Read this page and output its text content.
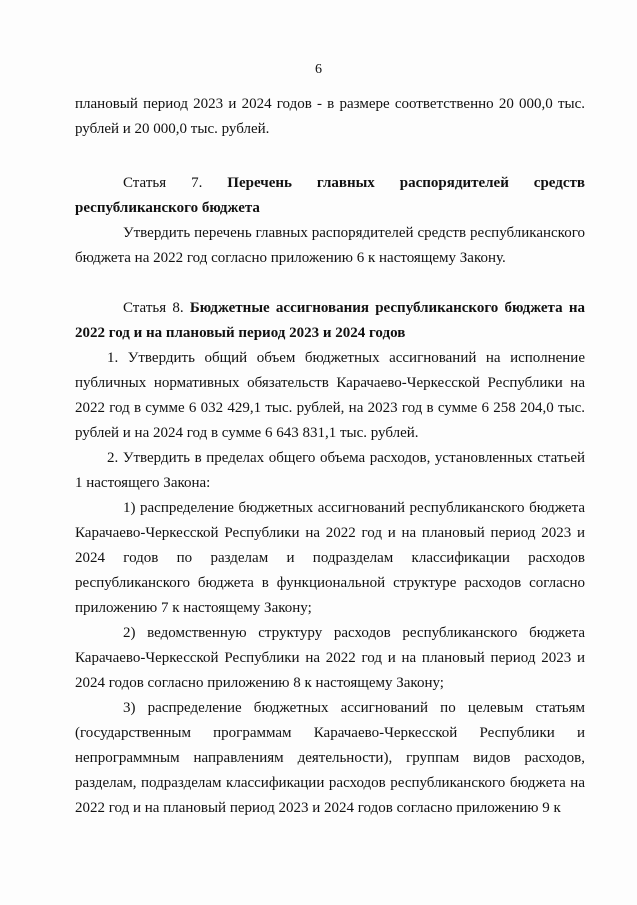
6

плановый период 2023 и 2024 годов - в размере соответственно 20 000,0 тыс. рублей и 20 000,0 тыс. рублей.

Статья 7. Перечень главных распорядителей средств

республиканского бюджета

Утвердить перечень главных распорядителей средств республиканского бюджета на 2022 год согласно приложению 6 к настоящему Закону.

Статья 8. Бюджетные ассигнования республиканского бюджета на 2022 год и на плановый период 2023 и 2024 годов

1. Утвердить общий объем бюджетных ассигнований на исполнение публичных нормативных обязательств Карачаево-Черкесской Республики на 2022 год в сумме 6 032 429,1 тыс. рублей, на 2023 год в сумме 6 258 204,0 тыс. рублей и на 2024 год в сумме 6 643 831,1 тыс. рублей.

2. Утвердить в пределах общего объема расходов, установленных статьей 1 настоящего Закона:

1) распределение бюджетных ассигнований республиканского бюджета Карачаево-Черкесской Республики на 2022 год и на плановый период 2023 и 2024 годов по разделам и подразделам классификации расходов республиканского бюджета в функциональной структуре расходов согласно приложению 7 к настоящему Закону;

2) ведомственную структуру расходов республиканского бюджета Карачаево-Черкесской Республики на 2022 год и на плановый период 2023 и 2024 годов согласно приложению 8 к настоящему Закону;

3) распределение бюджетных ассигнований по целевым статьям (государственным программам Карачаево-Черкесской Республики и непрограммным направлениям деятельности), группам видов расходов, разделам, подразделам классификации расходов республиканского бюджета на 2022 год и на плановый период 2023 и 2024 годов согласно приложению 9 к
